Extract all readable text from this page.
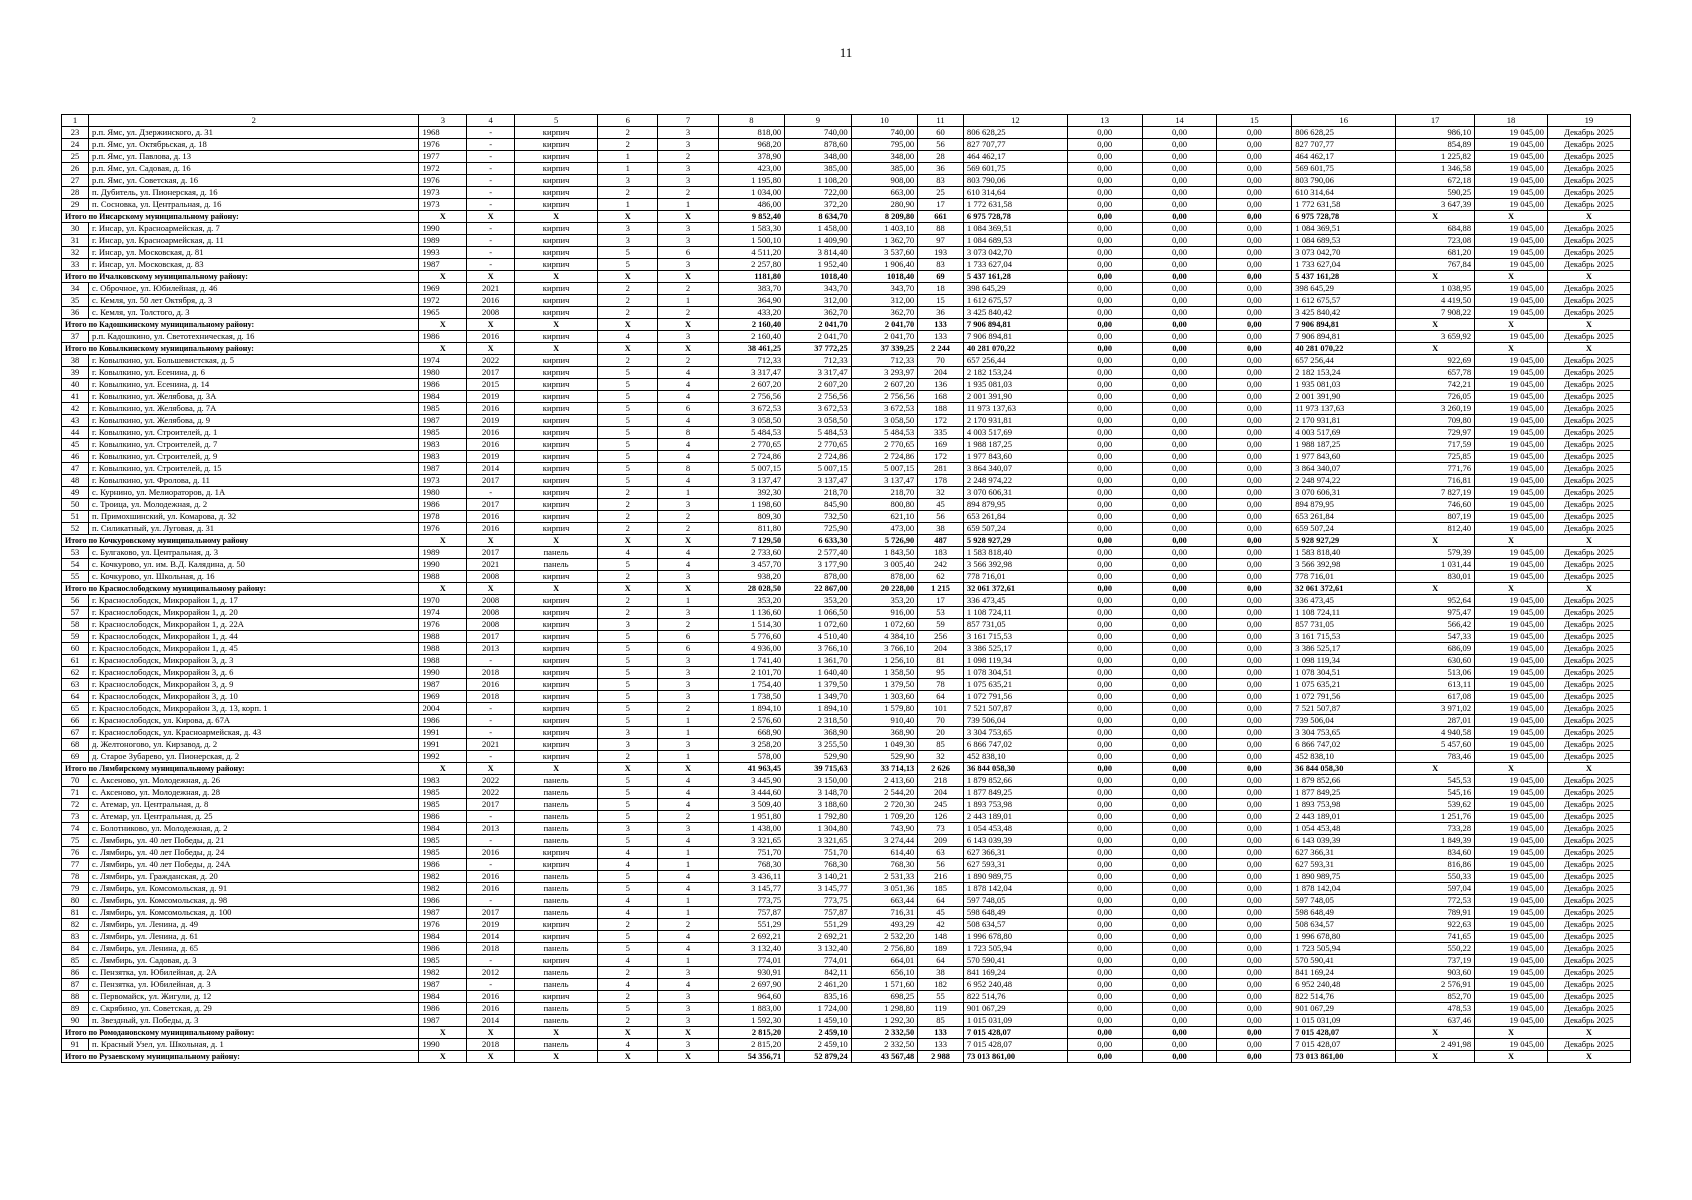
11
1	2	3	4	5	6	7	8	9	10	11	12	13	14	15	16	17	18	19
23	р.п. Ямс, ул. Дзержинского, д. 31	1968	-	кирпич	2	3	818,00	740,00	740,00	60	806 628,25	0,00	0,00	0,00	806 628,25	986,10	19 045,00	Декабрь 2025
24	р.п. Ямс, ул. Октябрьская, д. 18	1976	-	кирпич	2	3	968,20	878,60	795,00	56	827 707,77	0,00	0,00	0,00	827 707,77	854,89	19 045,00	Декабрь 2025
25	р.п. Ямс, ул. Павлова, д. 13	1977	-	кирпич	1	2	378,90	348,00	348,00	28	464 462,17	0,00	0,00	0,00	464 462,17	1 225,82	19 045,00	Декабрь 2025
26	р.п. Ямс, ул. Садовая, д. 16	1972	-	кирпич	1	3	423,00	385,00	385,00	36	569 601,75	0,00	0,00	0,00	569 601,75	1 346,58	19 045,00	Декабрь 2025
27	р.п. Ямс, ул. Советская, д. 16	1976	-	кирпич	3	3	1 195,80	1 108,20	908,00	83	803 790,06	0,00	0,00	0,00	803 790,06	672,18	19 045,00	Декабрь 2025
28	п. Дубитель, ул. Пионерская, д. 16	1973	-	кирпич	2	2	1 034,00	722,00	663,00	25	610 314,64	0,00	0,00	0,00	610 314,64	590,25	19 045,00	Декабрь 2025
29	п. Сосновка, ул. Центральная, д. 16	1973	-	кирпич	1	1	486,00	372,20	280,90	17	1 772 631,58	0,00	0,00	0,00	1 772 631,58	3 647,39	19 045,00	Декабрь 2025
Итого по Инсарскому муниципальному району:		X	X	X	X	X	9 852,40	8 634,70	8 209,80	661	6 975 728,78	0,00	0,00	0,00	6 975 728,78	X	X	X
30	г. Инсар, ул. Красноармейская, д. 7	1990	-	кирпич	3	3	1 583,30	1 458,00	1 403,10	88	1 084 369,51	0,00	0,00	0,00	1 084 369,51	684,88	19 045,00	Декабрь 2025
31	г. Инсар, ул. Красноармейская, д. 11	1989	-	кирпич	3	3	1 500,10	1 409,90	1 362,70	97	1 084 689,53	0,00	0,00	0,00	1 084 689,53	723,08	19 045,00	Декабрь 2025
32	г. Инсар, ул. Московская, д. 81	1993	-	кирпич	5	6	4 511,20	3 814,40	3 537,60	193	3 073 042,70	0,00	0,00	0,00	3 073 042,70	681,20	19 045,00	Декабрь 2025
33	г. Инсар, ул. Московская, д. 83	1987	-	кирпич	5	3	2 257,80	1 952,40	1 906,40	83	1 733 627,04	0,00	0,00	0,00	1 733 627,04	767,84	19 045,00	Декабрь 2025
Итого по Ичалковскому муниципальному району:		X	X	X	X	X	1181,80	1018,40	1018,40	69	5 437 161,28	0,00	0,00	0,00	5 437 161,28	X	X	X
34	с. Оброчное, ул. Юбилейная, д. 46	1969	2021	кирпич	2	2	383,70	343,70	343,70	18	398 645,29	0,00	0,00	0,00	398 645,29	1 038,95	19 045,00	Декабрь 2025
35	с. Кемля, ул. 50 лет Октября, д. 3	1972	2016	кирпич	2	1	364,90	312,00	312,00	15	1 612 675,57	0,00	0,00	0,00	1 612 675,57	4 419,50	19 045,00	Декабрь 2025
36	с. Кемля, ул. Толстого, д. 3	1965	2008	кирпич	2	2	433,20	362,70	362,70	36	3 425 840,42	0,00	0,00	0,00	3 425 840,42	7 908,22	19 045,00	Декабрь 2025
Итого по Кадошкинскому муниципальному району:		X	X	X	X	X	2 160,40	2 041,70	2 041,70	133	7 906 894,81	0,00	0,00	0,00	7 906 894,81	X	X	X
37	р.п. Кадошкино, ул. Светотехническая, д. 16	1986	2016	кирпич	4	3	2 160,40	2 041,70	2 041,70	133	7 906 894,81	0,00	0,00	0,00	7 906 894,81	3 659,92	19 045,00	Декабрь 2025
Итого по Ковылкинскому муниципальному району:		X	X	X	X	X	38 461,25	37 772,25	37 339,25	2 244	40 281 070,22	0,00	0,00	0,00	40 281 070,22	X	X	X
38	г. Ковылкино, ул. Большевистская, д. 5	1974	2022	кирпич	2	2	712,33	712,33	712,33	70	657 256,44	0,00	0,00	0,00	657 256,44	922,69	19 045,00	Декабрь 2025
39	г. Ковылкино, ул. Есенина, д. 6	1980	2017	кирпич	5	4	3 317,47	3 317,47	3 293,97	204	2 182 153,24	0,00	0,00	0,00	2 182 153,24	657,78	19 045,00	Декабрь 2025
40	г. Ковылкино, ул. Есенина, д. 14	1986	2015	кирпич	5	4	2 607,20	2 607,20	2 607,20	136	1 935 081,03	0,00	0,00	0,00	1 935 081,03	742,21	19 045,00	Декабрь 2025
41	г. Ковылкино, ул. Желябова, д. 3А	1984	2019	кирпич	5	4	2 756,56	2 756,56	2 756,56	168	2 001 391,90	0,00	0,00	0,00	2 001 391,90	726,05	19 045,00	Декабрь 2025
42	г. Ковылкино, ул. Желябова, д. 7А	1985	2016	кирпич	5	6	3 672,53	3 672,53	3 672,53	188	11 973 137,63	0,00	0,00	0,00	11 973 137,63	3 260,19	19 045,00	Декабрь 2025
43	г. Ковылкино, ул. Желябова, д. 9	1987	2019	кирпич	5	4	3 058,50	3 058,50	3 058,50	172	2 170 931,81	0,00	0,00	0,00	2 170 931,81	709,80	19 045,00	Декабрь 2025
44	г. Ковылкино, ул. Строителей, д. 1	1985	2016	кирпич	5	8	5 484,53	5 484,53	5 484,53	335	4 003 517,69	0,00	0,00	0,00	4 003 517,69	729,97	19 045,00	Декабрь 2025
45	г. Ковылкино, ул. Строителей, д. 7	1983	2016	кирпич	5	4	2 770,65	2 770,65	2 770,65	169	1 988 187,25	0,00	0,00	0,00	1 988 187,25	717,59	19 045,00	Декабрь 2025
46	г. Ковылкино, ул. Строителей, д. 9	1983	2019	кирпич	5	4	2 724,86	2 724,86	2 724,86	172	1 977 843,60	0,00	0,00	0,00	1 977 843,60	725,85	19 045,00	Декабрь 2025
47	г. Ковылкино, ул. Строителей, д. 15	1987	2014	кирпич	5	8	5 007,15	5 007,15	5 007,15	281	3 864 340,07	0,00	0,00	0,00	3 864 340,07	771,76	19 045,00	Декабрь 2025
48	г. Ковылкино, ул. Фролова, д. 11	1973	2017	кирпич	5	4	3 137,47	3 137,47	3 137,47	178	2 248 974,22	0,00	0,00	0,00	2 248 974,22	716,81	19 045,00	Декабрь 2025
49	с. Курнино, ул. Мелиораторов, д. 1А	1980	-	кирпич	2	1	392,30	218,70	218,70	32	3 070 606,31	0,00	0,00	0,00	3 070 606,31	7 827,19	19 045,00	Декабрь 2025
50	с. Троица, ул. Молодежная, д. 2	1986	2017	кирпич	2	3	1 198,60	845,90	800,80	45	894 879,95	0,00	0,00	0,00	894 879,95	746,60	19 045,00	Декабрь 2025
51	п. Примохшинский, ул. Комарова, д. 32	1978	2016	кирпич	2	2	809,30	732,50	621,10	56	653 261,84	0,00	0,00	0,00	653 261,84	807,19	19 045,00	Декабрь 2025
52	п. Силикатный, ул. Луговая, д. 31	1976	2016	кирпич	2	2	811,80	725,90	473,00	38	659 507,24	0,00	0,00	0,00	659 507,24	812,40	19 045,00	Декабрь 2025
Итого по Кочкуровскому муниципальному району		X	X	X	X	X	7 129,50	6 633,30	5 726,90	487	5 928 927,29	0,00	0,00	0,00	5 928 927,29	X	X	X
53	с. Булгаково, ул. Центральная, д. 3	1989	2017	панель	4	4	2 733,60	2 577,40	1 843,50	183	1 583 818,40	0,00	0,00	0,00	1 583 818,40	579,39	19 045,00	Декабрь 2025
54	с. Кочкурово, ул. им. В.Д. Калядина, д. 50	1990	2021	панель	5	4	3 457,70	3 177,90	3 005,40	242	3 566 392,98	0,00	0,00	0,00	3 566 392,98	1 031,44	19 045,00	Декабрь 2025
55	с. Кочкурово, ул. Школьная, д. 16	1988	2008	кирпич	2	3	938,20	878,00	878,00	62	778 716,01	0,00	0,00	0,00	778 716,01	830,01	19 045,00	Декабрь 2025
Итого по Краснослободскому муниципальному району:		X	X	X	X	X	28 028,50	22 867,00	20 228,00	1 215	32 061 372,61	0,00	0,00	0,00	32 061 372,61	X	X	X
56	г. Краснослободск, Микрорайон 1, д. 17	1970	2008	кирпич	2	1	353,20	353,20	353,20	17	336 473,45	0,00	0,00	0,00	336 473,45	952,64	19 045,00	Декабрь 2025
57	г. Краснослободск, Микрорайон 1, д. 20	1974	2008	кирпич	2	3	1 136,60	1 066,50	916,00	53	1 108 724,11	0,00	0,00	0,00	1 108 724,11	975,47	19 045,00	Декабрь 2025
58	г. Краснослободск, Микрорайон 1, д. 22А	1976	2008	кирпич	3	2	1 514,30	1 072,60	1 072,60	59	857 731,05	0,00	0,00	0,00	857 731,05	566,42	19 045,00	Декабрь 2025
59	г. Краснослободск, Микрорайон 1, д. 44	1988	2017	кирпич	5	6	5 776,60	4 510,40	4 384,10	256	3 161 715,53	0,00	0,00	0,00	3 161 715,53	547,33	19 045,00	Декабрь 2025
60	г. Краснослободск, Микрорайон 1, д. 45	1988	2013	кирпич	5	6	4 936,00	3 766,10	3 766,10	204	3 386 525,17	0,00	0,00	0,00	3 386 525,17	686,09	19 045,00	Декабрь 2025
61	г. Краснослободск, Микрорайон 3, д. 3	1988	-	кирпич	5	3	1 741,40	1 361,70	1 256,10	81	1 098 119,34	0,00	0,00	0,00	1 098 119,34	630,60	19 045,00	Декабрь 2025
62	г. Краснослободск, Микрорайон 3, д. 6	1990	2018	кирпич	5	3	2 101,70	1 640,40	1 358,50	95	1 078 304,51	0,00	0,00	0,00	1 078 304,51	513,06	19 045,00	Декабрь 2025
63	г. Краснослободск, Микрорайон 3, д. 9	1987	2016	кирпич	5	3	1 754,40	1 379,50	1 379,50	78	1 075 635,21	0,00	0,00	0,00	1 075 635,21	613,11	19 045,00	Декабрь 2025
64	г. Краснослободск, Микрорайон 3, д. 10	1969	2018	кирпич	5	3	1 738,50	1 349,70	1 303,60	64	1 072 791,56	0,00	0,00	0,00	1 072 791,56	617,08	19 045,00	Декабрь 2025
65	г. Краснослободск, Микрорайон 3, д. 13, корп. 1	2004	-	кирпич	5	2	1 894,10	1 894,10	1 579,80	101	7 521 507,87	0,00	0,00	0,00	7 521 507,87	3 971,02	19 045,00	Декабрь 2025
66	г. Краснослободск, ул. Кирова, д. 67А	1986	-	кирпич	5	1	2 576,60	2 318,50	910,40	70	739 506,04	0,00	0,00	0,00	739 506,04	287,01	19 045,00	Декабрь 2025
67	г. Краснослободск, ул. Красноармейская, д. 43	1991	-	кирпич	3	1	668,90	368,90	368,90	20	3 304 753,65	0,00	0,00	0,00	3 304 753,65	4 940,58	19 045,00	Декабрь 2025
68	д. Желтоногово, ул. Кирзавод, д. 2	1991	2021	кирпич	3	3	3 258,20	3 255,50	1 049,30	85	6 866 747,02	0,00	0,00	0,00	6 866 747,02	5 457,60	19 045,00	Декабрь 2025
69	д. Старое Зубарево, ул. Пионерская, д. 2	1992	-	кирпич	2	1	578,00	529,90	529,90	32	452 838,10	0,00	0,00	0,00	452 838,10	783,46	19 045,00	Декабрь 2025
Итого по Лямбирскому муниципальному району:		X	X	X	X	X	41 963,45	39 715,63	33 714,13	2 626	36 844 058,30	0,00	0,00	0,00	36 844 058,30	X	X	X
70	с. Аксеново, ул. Молодежная, д. 26	1983	2022	панель	5	4	3 445,90	3 150,00	2 413,60	218	1 879 852,66	0,00	0,00	0,00	1 879 852,66	545,53	19 045,00	Декабрь 2025
71	с. Аксеново, ул. Молодежная, д. 28	1985	2022	панель	5	4	3 444,60	3 148,70	2 544,20	204	1 877 849,25	0,00	0,00	0,00	1 877 849,25	545,16	19 045,00	Декабрь 2025
72	с. Атемар, ул. Центральная, д. 8	1985	2017	панель	5	4	3 509,40	3 188,60	2 720,30	245	1 893 753,98	0,00	0,00	0,00	1 893 753,98	539,62	19 045,00	Декабрь 2025
73	с. Атемар, ул. Центральная, д. 25	1986	-	панель	5	2	1 951,80	1 792,80	1 709,20	126	2 443 189,01	0,00	0,00	0,00	2 443 189,01	1 251,76	19 045,00	Декабрь 2025
74	с. Болотниково, ул. Молодежная, д. 2	1984	2013	панель	3	3	1 438,00	1 304,80	743,90	73	1 054 453,48	0,00	0,00	0,00	1 054 453,48	733,28	19 045,00	Декабрь 2025
75	с. Лямбирь, ул. 40 лет Победы, д. 21	1985	-	панель	5	4	3 321,65	3 321,65	3 274,44	209	6 143 039,39	0,00	0,00	0,00	6 143 039,39	1 849,39	19 045,00	Декабрь 2025
76	с. Лямбирь, ул. 40 лет Победы, д. 24	1985	2016	кирпич	4	1	751,70	751,70	614,40	63	627 366,31	0,00	0,00	0,00	627 366,31	834,60	19 045,00	Декабрь 2025
77	с. Лямбирь, ул. 40 лет Победы, д. 24А	1986	-	кирпич	4	1	768,30	768,30	768,30	56	627 593,31	0,00	0,00	0,00	627 593,31	816,86	19 045,00	Декабрь 2025
78	с. Лямбирь, ул. Гражданская, д. 20	1982	2016	панель	5	4	3 436,11	3 140,21	2 531,33	216	1 890 989,75	0,00	0,00	0,00	1 890 989,75	550,33	19 045,00	Декабрь 2025
79	с. Лямбирь, ул. Комсомольская, д. 91	1982	2016	панель	5	4	3 145,77	3 145,77	3 051,36	185	1 878 142,04	0,00	0,00	0,00	1 878 142,04	597,04	19 045,00	Декабрь 2025
80	с. Лямбирь, ул. Комсомольская, д. 98	1986	-	панель	4	1	773,75	773,75	663,44	64	597 748,05	0,00	0,00	0,00	597 748,05	772,53	19 045,00	Декабрь 2025
81	с. Лямбирь, ул. Комсомольская, д. 100	1987	2017	панель	4	1	757,87	757,87	716,31	45	598 648,49	0,00	0,00	0,00	598 648,49	789,91	19 045,00	Декабрь 2025
82	с. Лямбирь, ул. Ленина, д. 49	1976	2019	кирпич	2	2	551,29	551,29	493,29	42	508 634,57	0,00	0,00	0,00	508 634,57	922,63	19 045,00	Декабрь 2025
83	с. Лямбирь, ул. Ленина, д. 61	1984	2014	кирпич	5	4	2 692,21	2 692,21	2 532,20	148	1 996 678,80	0,00	0,00	0,00	1 996 678,80	741,65	19 045,00	Декабрь 2025
84	с. Лямбирь, ул. Ленина, д. 65	1986	2018	панель	5	4	3 132,40	3 132,40	2 756,80	189	1 723 505,94	0,00	0,00	0,00	1 723 505,94	550,22	19 045,00	Декабрь 2025
85	с. Лямбирь, ул. Садовая, д. 3	1985	-	кирпич	4	1	774,01	774,01	664,01	64	570 590,41	0,00	0,00	0,00	570 590,41	737,19	19 045,00	Декабрь 2025
86	с. Пензятка, ул. Юбилейная, д. 2А	1982	2012	панель	2	3	930,91	842,11	656,10	38	841 169,24	0,00	0,00	0,00	841 169,24	903,60	19 045,00	Декабрь 2025
87	с. Пензятка, ул. Юбилейная, д. 3	1987	-	панель	4	4	2 697,90	2 461,20	1 571,60	182	6 952 240,48	0,00	0,00	0,00	6 952 240,48	2 576,91	19 045,00	Декабрь 2025
88	с. Первомайск, ул. Жигули, д. 12	1984	2016	кирпич	2	3	964,60	835,16	698,25	55	822 514,76	0,00	0,00	0,00	822 514,76	852,70	19 045,00	Декабрь 2025
89	с. Скрябино, ул. Советская, д. 29	1986	2016	панель	5	3	1 883,00	1 724,00	1 298,80	119	901 067,29	0,00	0,00	0,00	901 067,29	478,53	19 045,00	Декабрь 2025
90	п. Звездный, ул. Победы, д. 3	1987	2014	панель	2	3	1 592,30	1 459,10	1 292,30	85	1 015 031,09	0,00	0,00	0,00	1 015 031,09	637,46	19 045,00	Декабрь 2025
Итого по Ромодановскому муниципальному району:		X	X	X	X	X	2 815,20	2 459,10	2 332,50	133	7 015 428,07	0,00	0,00	0,00	7 015 428,07	X	X	X
91	п. Красный Узел, ул. Школьная, д. 1	1990	2018	панель	4	3	2 815,20	2 459,10	2 332,50	133	7 015 428,07	0,00	0,00	0,00	7 015 428,07	2 491,98	19 045,00	Декабрь 2025
Итого по Рузаевскому муниципальному району:		X	X	X	X	X	54 356,71	52 879,24	43 567,48	2 988	73 013 861,00	0,00	0,00	0,00	73 013 861,00	X	X	X
